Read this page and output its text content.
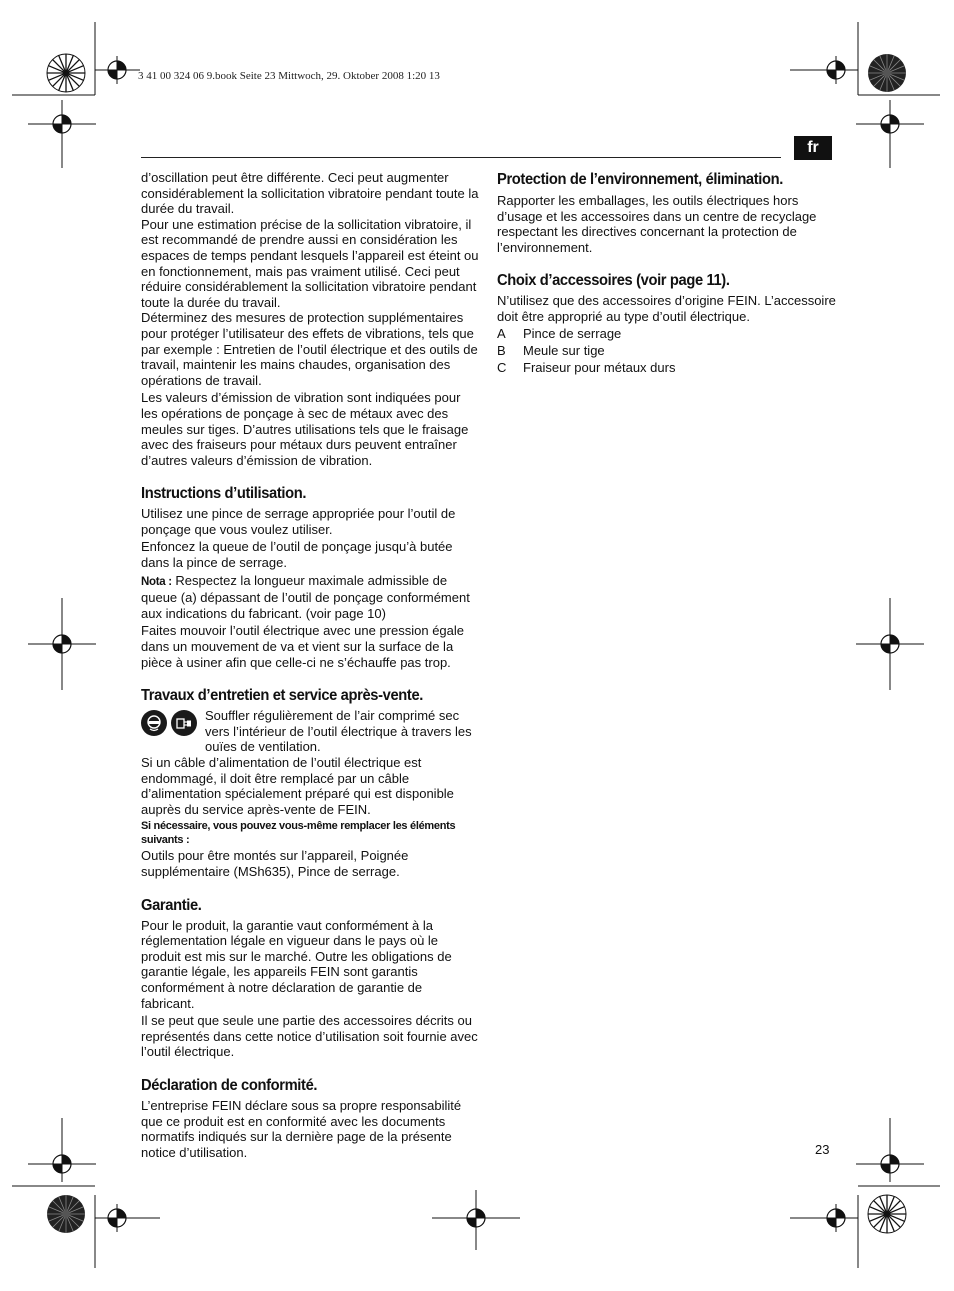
3 41 00 324 06 9.book Seite 23 Mittwoch, 29. Oktober 2008 1:20 13
fr

d’oscillation peut être différente. Ceci peut augmenter considérablement la sollicitation vibratoire pendant toute la durée du travail.

Pour une estimation précise de la sollicitation vibratoire, il est recommandé de prendre aussi en considération les espaces de temps pendant lesquels l’appareil est éteint ou en fonctionnement, mais pas vraiment utilisé. Ceci peut réduire considérablement la sollicitation vibratoire pendant toute la durée du travail.

Déterminez des mesures de protection supplémentaires pour protéger l’utilisateur des effets de vibrations, tels que par exemple : Entretien de l’outil électrique et des outils de travail, maintenir les mains chaudes, organisation des opérations de travail.

Les valeurs d’émission de vibration sont indiquées pour les opérations de ponçage à sec de métaux avec des meules sur tiges. D’autres utilisations tels que le fraisage avec des fraiseurs pour métaux durs peuvent entraîner d’autres valeurs d’émission de vibration.

Instructions d’utilisation.

Utilisez une pince de serrage appropriée pour l’outil de ponçage que vous voulez utiliser.

Enfoncez la queue de l’outil de ponçage jusqu’à butée dans la pince de serrage.

Nota : Respectez la longueur maximale admissible de queue (a) dépassant de l’outil de ponçage conformément aux indications du fabricant. (voir page 10)

Faites mouvoir l’outil électrique avec une pression égale dans un mouvement de va et vient sur la surface de la pièce à usiner afin que celle-ci ne s’échauffe pas trop.

Travaux d’entretien et service après-vente.

Souffler régulièrement de l’air comprimé sec vers l’intérieur de l’outil électrique à travers les ouïes de ventilation.

Si un câble d’alimentation de l’outil électrique est endommagé, il doit être remplacé par un câble d’alimentation spécialement préparé qui est disponible auprès du service après-vente de FEIN.

Si nécessaire, vous pouvez vous-même remplacer les éléments suivants :

Outils pour être montés sur l’appareil, Poignée supplémentaire (MSh635), Pince de serrage.

Garantie.

Pour le produit, la garantie vaut conformément à la réglementation légale en vigueur dans le pays où le produit est mis sur le marché. Outre les obligations de garantie légale, les appareils FEIN sont garantis conformément à notre déclaration de garantie de fabricant.

Il se peut que seule une partie des accessoires décrits ou représentés dans cette notice d’utilisation soit fournie avec l’outil électrique.

Déclaration de conformité.

L’entreprise FEIN déclare sous sa propre responsabilité que ce produit est en conformité avec les documents normatifs indiqués sur la dernière page de la présente notice d’utilisation.

Protection de l’environnement, élimination.

Rapporter les emballages, les outils électriques hors d’usage et les accessoires dans un centre de recyclage respectant les directives concernant la protection de l’environnement.

Choix d’accessoires (voir page 11).

N’utilisez que des accessoires d’origine FEIN. L’accessoire doit être approprié au type d’outil électrique.

A	Pince de serrage
B	Meule sur tige
C	Fraiseur pour métaux durs
23
